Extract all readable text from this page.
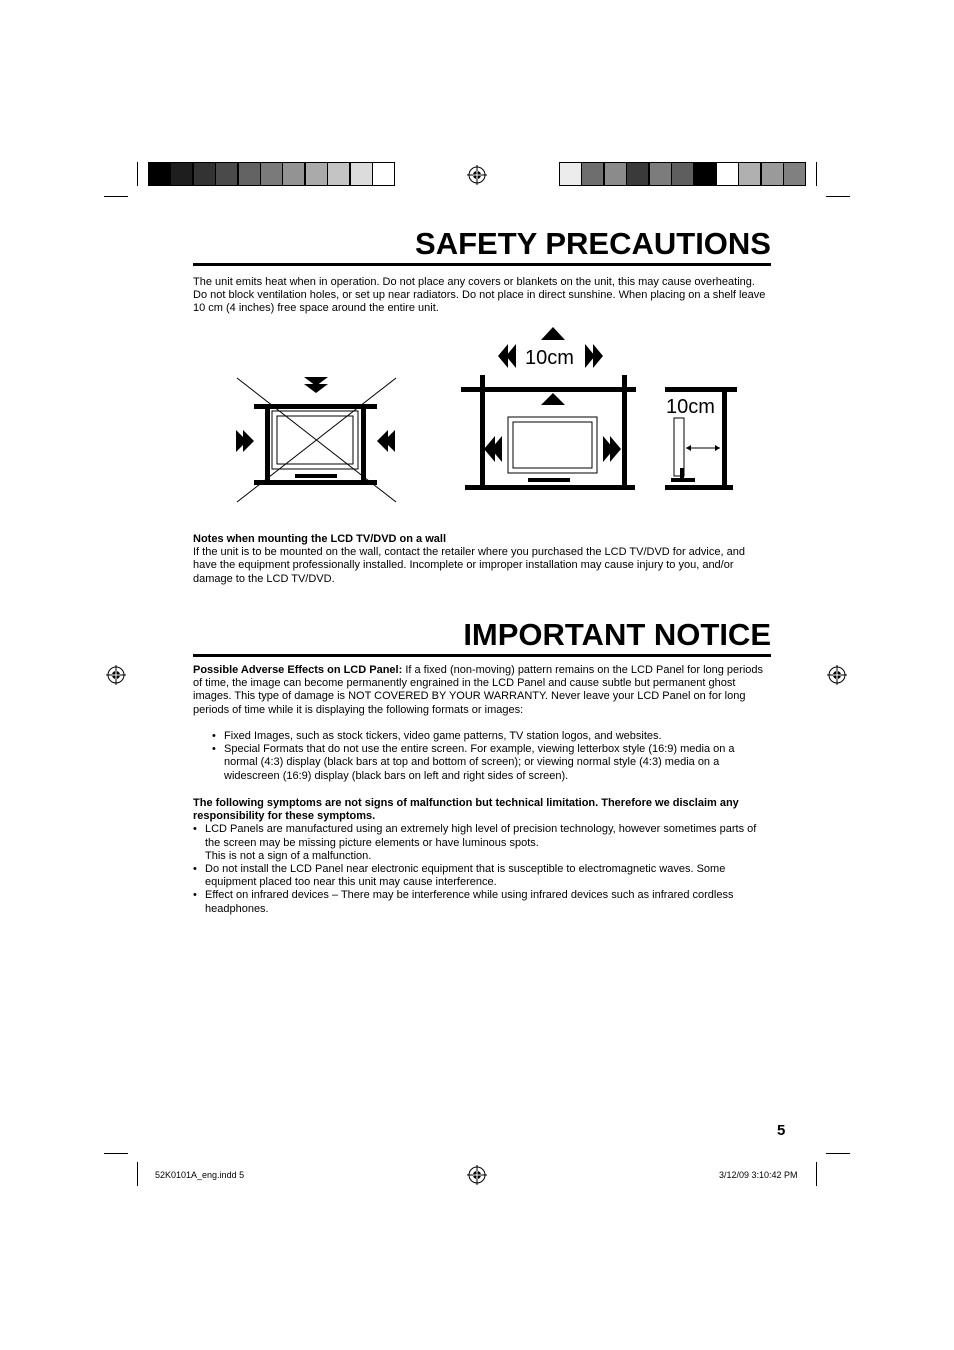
SAFETY PRECAUTIONS
The unit emits heat when in operation. Do not place any covers or blankets on the unit, this may cause overheating. Do not block ventilation holes, or set up near radiators. Do not place in direct sunshine. When placing on a shelf leave 10 cm (4 inches) free space around the entire unit.
10cm
10cm

Notes when mounting the LCD TV/DVD on a wall

If the unit is to be mounted on the wall, contact the retailer where you purchased the LCD TV/DVD for advice, and have the equipment professionally installed. Incomplete or improper installation may cause injury to you, and/or damage to the LCD TV/DVD.

IMPORTANT NOTICE

Possible Adverse Effects on LCD Panel: If a fixed (non-moving) pattern remains on the LCD Panel for long periods of time, the image can become permanently engrained in the LCD Panel and cause subtle but permanent ghost images. This type of damage is NOT COVERED BY YOUR WARRANTY. Never leave your LCD Panel on for long periods of time while it is displaying the following formats or images:

• Fixed Images, such as stock tickers, video game patterns, TV station logos, and websites.
• Special Formats that do not use the entire screen. For example, viewing letterbox style (16:9) media on a normal (4:3) display (black bars at top and bottom of screen); or viewing normal style (4:3) media on a widescreen (16:9) display (black bars on left and right sides of screen).

The following symptoms are not signs of malfunction but technical limitation. Therefore we disclaim any responsibility for these symptoms.

• LCD Panels are manufactured using an extremely high level of precision technology, however sometimes parts of the screen may be missing picture elements or have luminous spots.
This is not a sign of a malfunction.
• Do not install the LCD Panel near electronic equipment that is susceptible to electromagnetic waves. Some equipment placed too near this unit may cause interference.
• Effect on infrared devices – There may be interference while using infrared devices such as infrared cordless headphones.
5
52K0101A_eng.indd 5	3/12/09 3:10:42 PM
